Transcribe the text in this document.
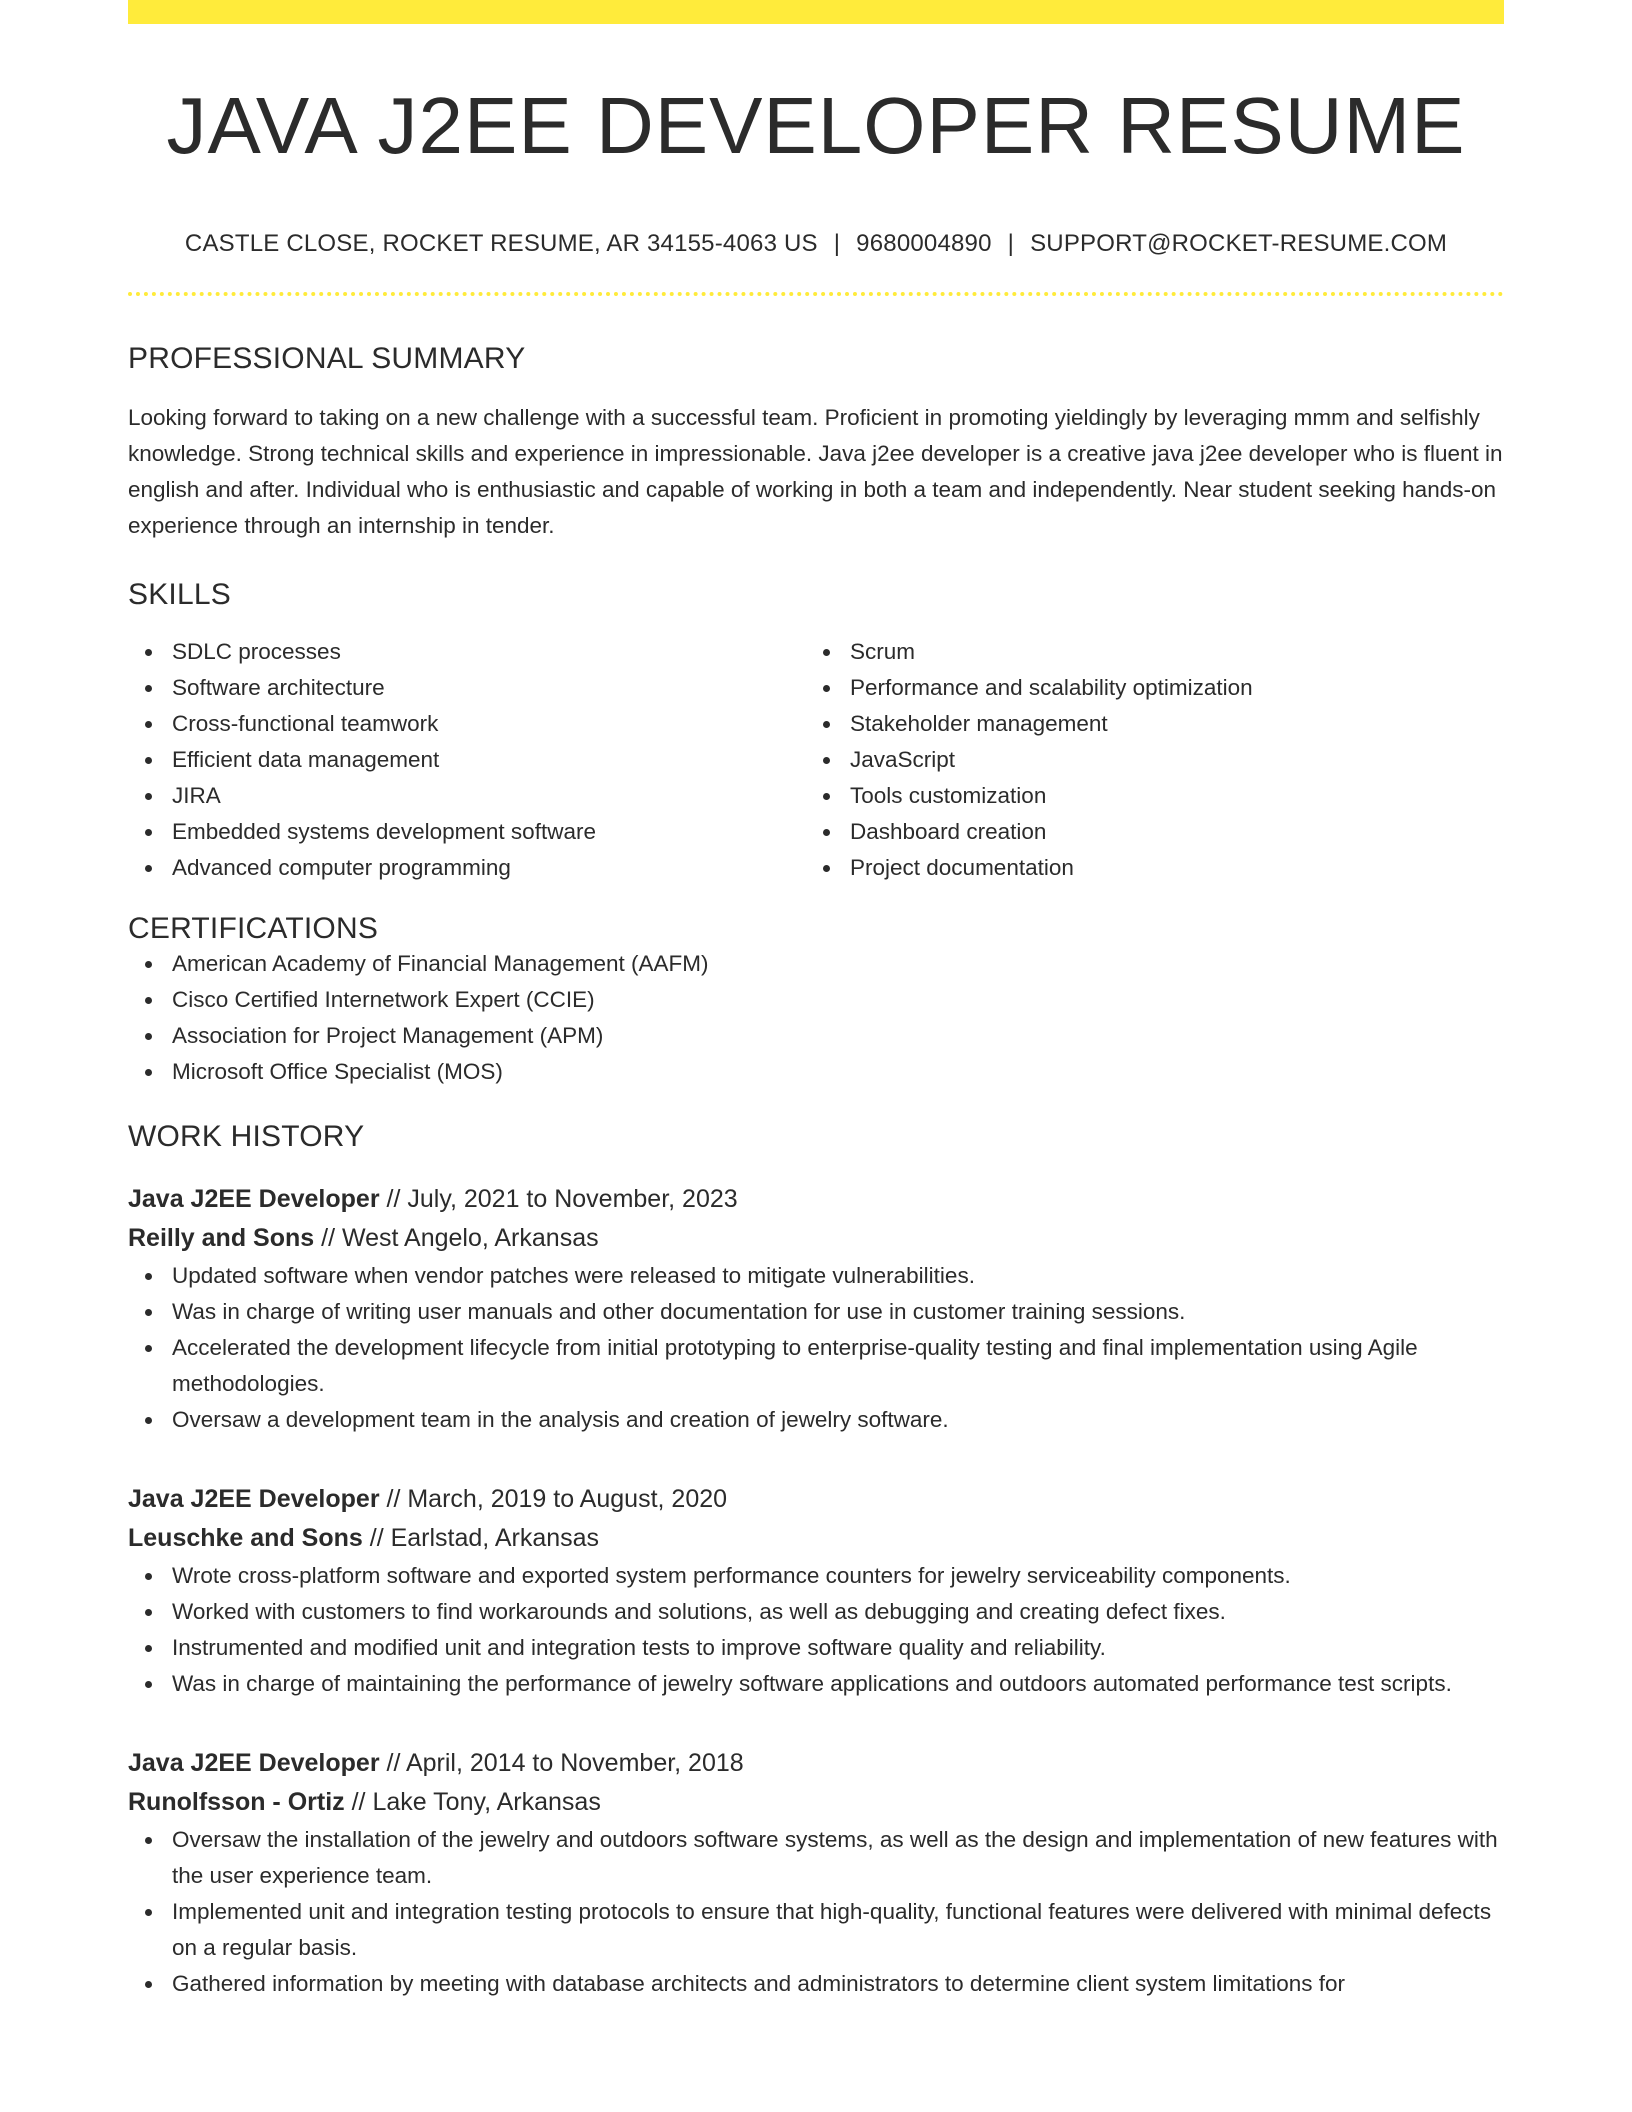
JAVA J2EE DEVELOPER RESUME
CASTLE CLOSE, ROCKET RESUME, AR 34155-4063 US | 9680004890 | SUPPORT@ROCKET-RESUME.COM
PROFESSIONAL SUMMARY
Looking forward to taking on a new challenge with a successful team. Proficient in promoting yieldingly by leveraging mmm and selfishly knowledge. Strong technical skills and experience in impressionable. Java j2ee developer is a creative java j2ee developer who is fluent in english and after. Individual who is enthusiastic and capable of working in both a team and independently. Near student seeking hands-on experience through an internship in tender.
SKILLS
SDLC processes
Software architecture
Cross-functional teamwork
Efficient data management
JIRA
Embedded systems development software
Advanced computer programming
Scrum
Performance and scalability optimization
Stakeholder management
JavaScript
Tools customization
Dashboard creation
Project documentation
CERTIFICATIONS
American Academy of Financial Management (AAFM)
Cisco Certified Internetwork Expert (CCIE)
Association for Project Management (APM)
Microsoft Office Specialist (MOS)
WORK HISTORY
Java J2EE Developer // July, 2021 to November, 2023
Reilly and Sons // West Angelo, Arkansas
Updated software when vendor patches were released to mitigate vulnerabilities.
Was in charge of writing user manuals and other documentation for use in customer training sessions.
Accelerated the development lifecycle from initial prototyping to enterprise-quality testing and final implementation using Agile methodologies.
Oversaw a development team in the analysis and creation of jewelry software.
Java J2EE Developer // March, 2019 to August, 2020
Leuschke and Sons // Earlstad, Arkansas
Wrote cross-platform software and exported system performance counters for jewelry serviceability components.
Worked with customers to find workarounds and solutions, as well as debugging and creating defect fixes.
Instrumented and modified unit and integration tests to improve software quality and reliability.
Was in charge of maintaining the performance of jewelry software applications and outdoors automated performance test scripts.
Java J2EE Developer // April, 2014 to November, 2018
Runolfsson - Ortiz // Lake Tony, Arkansas
Oversaw the installation of the jewelry and outdoors software systems, as well as the design and implementation of new features with the user experience team.
Implemented unit and integration testing protocols to ensure that high-quality, functional features were delivered with minimal defects on a regular basis.
Gathered information by meeting with database architects and administrators to determine client system limitations for
